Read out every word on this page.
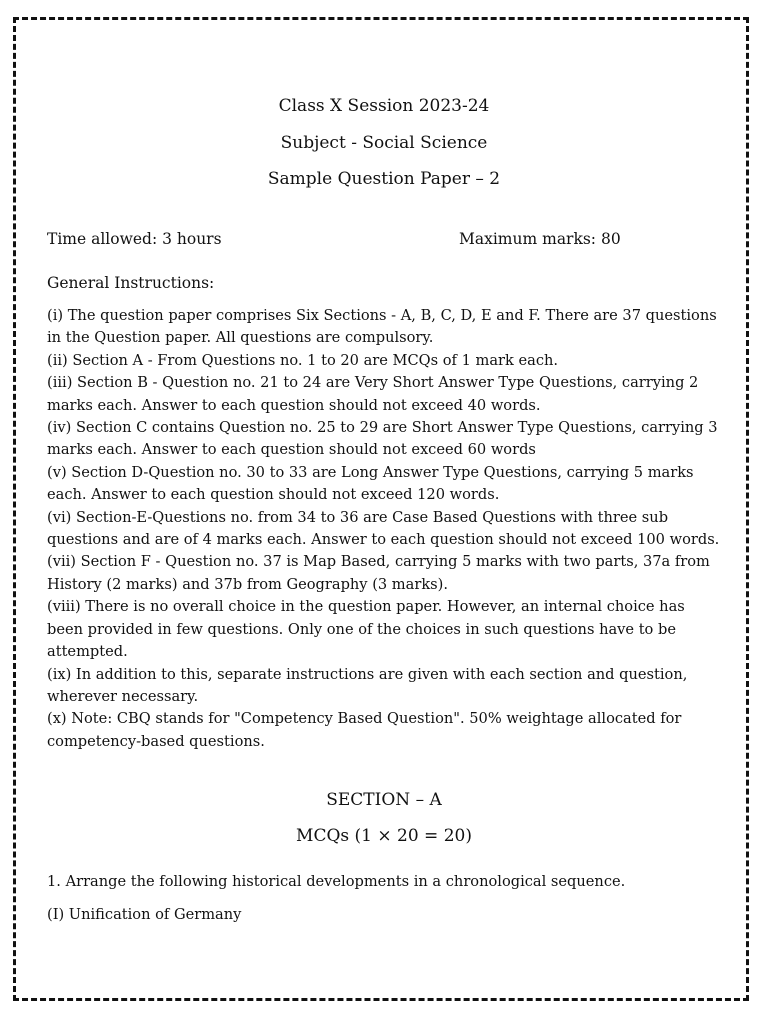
Class X Session 2023-24
Subject - Social Science
Sample Question Paper – 2
Time allowed: 3 hours	Maximum marks: 80
General Instructions:
(i) The question paper comprises Six Sections - A, B, C, D, E and F. There are 37 questions
in the Question paper. All questions are compulsory.
(ii) Section A - From Questions no. 1 to 20 are MCQs of 1 mark each.
(iii) Section B - Question no. 21 to 24 are Very Short Answer Type Questions, carrying 2
marks each. Answer to each question should not exceed 40 words.
(iv) Section C contains Question no. 25 to 29 are Short Answer Type Questions, carrying 3
marks each. Answer to each question should not exceed 60 words
(v) Section D-Question no. 30 to 33 are Long Answer Type Questions, carrying 5 marks
each. Answer to each question should not exceed 120 words.
(vi) Section-E-Questions no. from 34 to 36 are Case Based Questions with three sub
questions and are of 4 marks each. Answer to each question should not exceed 100 words.
(vii) Section F - Question no. 37 is Map Based, carrying 5 marks with two parts, 37a from
History (2 marks) and 37b from Geography (3 marks).
(viii) There is no overall choice in the question paper. However, an internal choice has
been provided in few questions. Only one of the choices in such questions have to be
attempted.
(ix) In addition to this, separate instructions are given with each section and question,
wherever necessary.
(x) Note: CBQ stands for "Competency Based Question". 50% weightage allocated for
competency-based questions.
SECTION – A
MCQs (1 × 20 = 20)
1. Arrange the following historical developments in a chronological sequence.
(I) Unification of Germany
